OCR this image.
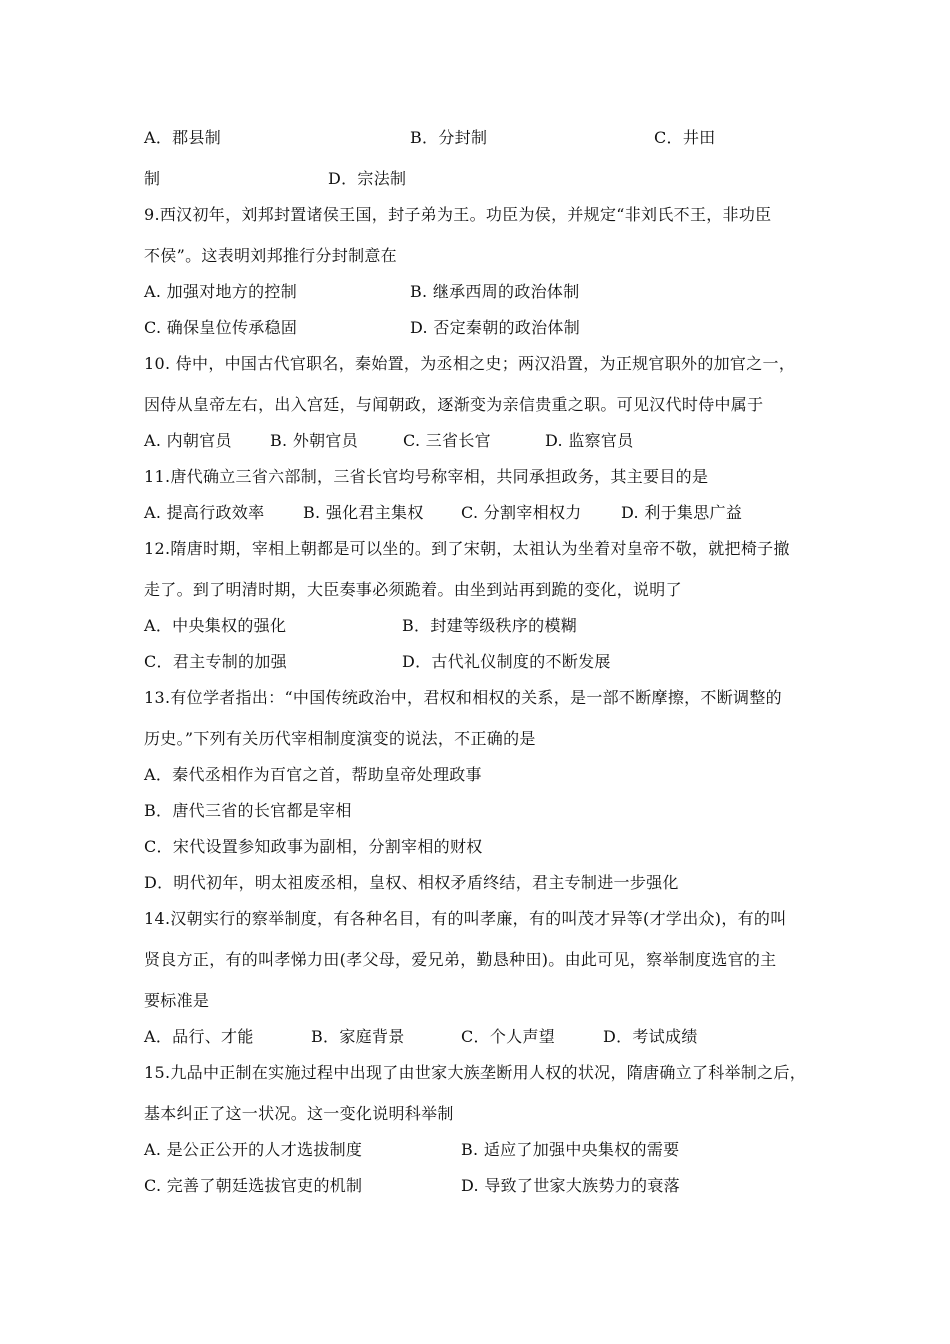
A．郡县制	B．分封制	C．井田
制	D．宗法制
9.西汉初年，刘邦封置诸侯王国，封子弟为王。功臣为侯，并规定“非刘氏不王，非功臣
不侯”。这表明刘邦推行分封制意在
A. 加强对地方的控制	B. 继承西周的政治体制
C. 确保皇位传承稳固	D. 否定秦朝的政治体制
10. 侍中，中国古代官职名，秦始置，为丞相之史；两汉沿置，为正规官职外的加官之一，
因侍从皇帝左右，出入宫廷，与闻朝政，逐渐变为亲信贵重之职。可见汉代时侍中属于
A. 内朝官员 B. 外朝官员	C. 三省长官	D. 监察官员
11.唐代确立三省六部制，三省长官均号称宰相，共同承担政务，其主要目的是
A. 提高行政效率 B. 强化君主集权 C. 分割宰相权力 D. 利于集思广益
12.隋唐时期，宰相上朝都是可以坐的。到了宋朝，太祖认为坐着对皇帝不敬，就把椅子撤
走了。到了明清时期，大臣奏事必须跪着。由坐到站再到跪的变化，说明了
A．中央集权的强化	B．封建等级秩序的模糊
C．君主专制的加强	D．古代礼仪制度的不断发展
13.有位学者指出：“中国传统政治中，君权和相权的关系，是一部不断摩擦，不断调整的
历史。”下列有关历代宰相制度演变的说法，不正确的是
A．秦代丞相作为百官之首，帮助皇帝处理政事
B．唐代三省的长官都是宰相
C．宋代设置参知政事为副相，分割宰相的财权
D．明代初年，明太祖废丞相，皇权、相权矛盾终结，君主专制进一步强化
14.汉朝实行的察举制度，有各种名目，有的叫孝廉，有的叫茂才异等(才学出众)，有的叫
贤良方正，有的叫孝悌力田(孝父母，爱兄弟，勤恳种田)。由此可见，察举制度选官的主
要标准是
A．品行、才能	B．家庭背景	C．个人声望	D．考试成绩
15.九品中正制在实施过程中出现了由世家大族垄断用人权的状况，隋唐确立了科举制之后，
基本纠正了这一状况。这一变化说明科举制
A. 是公正公开的人才选拔制度	B. 适应了加强中央集权的需要
C. 完善了朝廷选拔官吏的机制	D. 导致了世家大族势力的衰落
